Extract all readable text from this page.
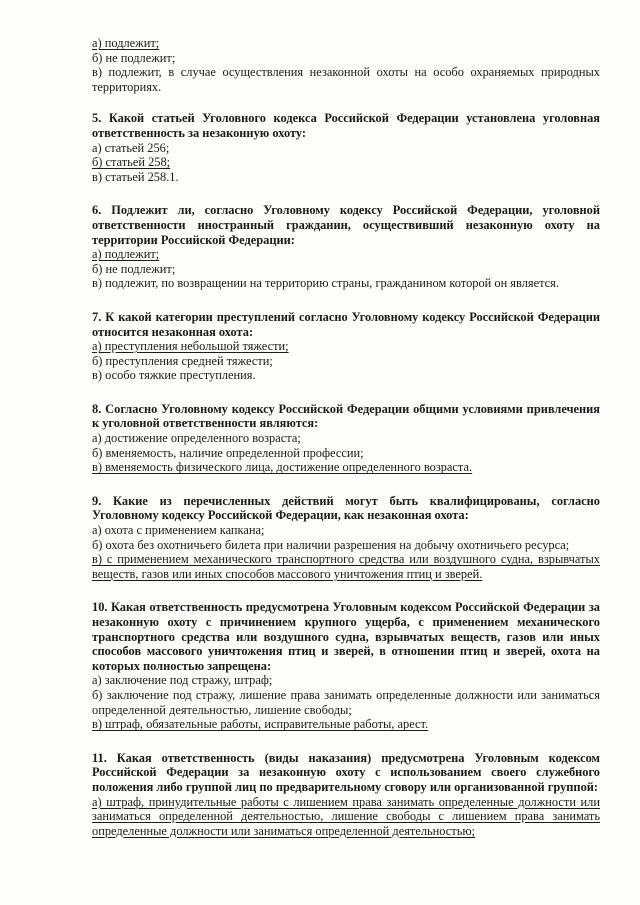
а) подлежит;

б) не подлежит;

в) подлежит, в случае осуществления незаконной охоты на особо охраняемых природных территориях.

5. Какой статьей Уголовного кодекса Российской Федерации установлена уголовная ответственность за незаконную охоту:

а) статьей 256;

б) статьей 258;

в) статьей 258.1.

6. Подлежит ли, согласно Уголовному кодексу Российской Федерации, уголовной ответственности иностранный гражданин, осуществивший незаконную охоту на территории Российской Федерации:

а) подлежит;

б) не подлежит;

в) подлежит, по возвращении на территорию страны, гражданином которой он является.

7. К какой категории преступлений согласно Уголовному кодексу Российской Федерации относится незаконная охота:

а) преступления небольшой тяжести;

б) преступления средней тяжести;

в) особо тяжкие преступления.

8. Согласно Уголовному кодексу Российской Федерации общими условиями привлечения к уголовной ответственности являются:

а) достижение определенного возраста;

б) вменяемость, наличие определенной профессии;

в) вменяемость физического лица, достижение определенного возраста.

9. Какие из перечисленных действий могут быть квалифицированы, согласно Уголовному кодексу Российской Федерации, как незаконная охота:

а) охота с применением капкана;

б) охота без охотничьего билета при наличии разрешения на добычу охотничьего ресурса;

в) с применением механического транспортного средства или воздушного судна, взрывчатых веществ, газов или иных способов массового уничтожения птиц и зверей.

10. Какая ответственность предусмотрена Уголовным кодексом Российской Федерации за незаконную охоту с причинением крупного ущерба, с применением механического транспортного средства или воздушного судна, взрывчатых веществ, газов или иных способов массового уничтожения птиц и зверей, в отношении птиц и зверей, охота на которых полностью запрещена:

а) заключение под стражу, штраф;

б) заключение под стражу, лишение права занимать определенные должности или заниматься определенной деятельностью, лишение свободы;

в) штраф, обязательные работы, исправительные работы, арест.

11. Какая ответственность (виды наказания) предусмотрена Уголовным кодексом Российской Федерации за незаконную охоту с использованием своего служебного положения либо группой лиц по предварительному сговору или организованной группой:

а) штраф, принудительные работы с лишением права занимать определенные должности или заниматься определенной деятельностью, лишение свободы с лишением права занимать определенные должности или заниматься определенной деятельностью;
